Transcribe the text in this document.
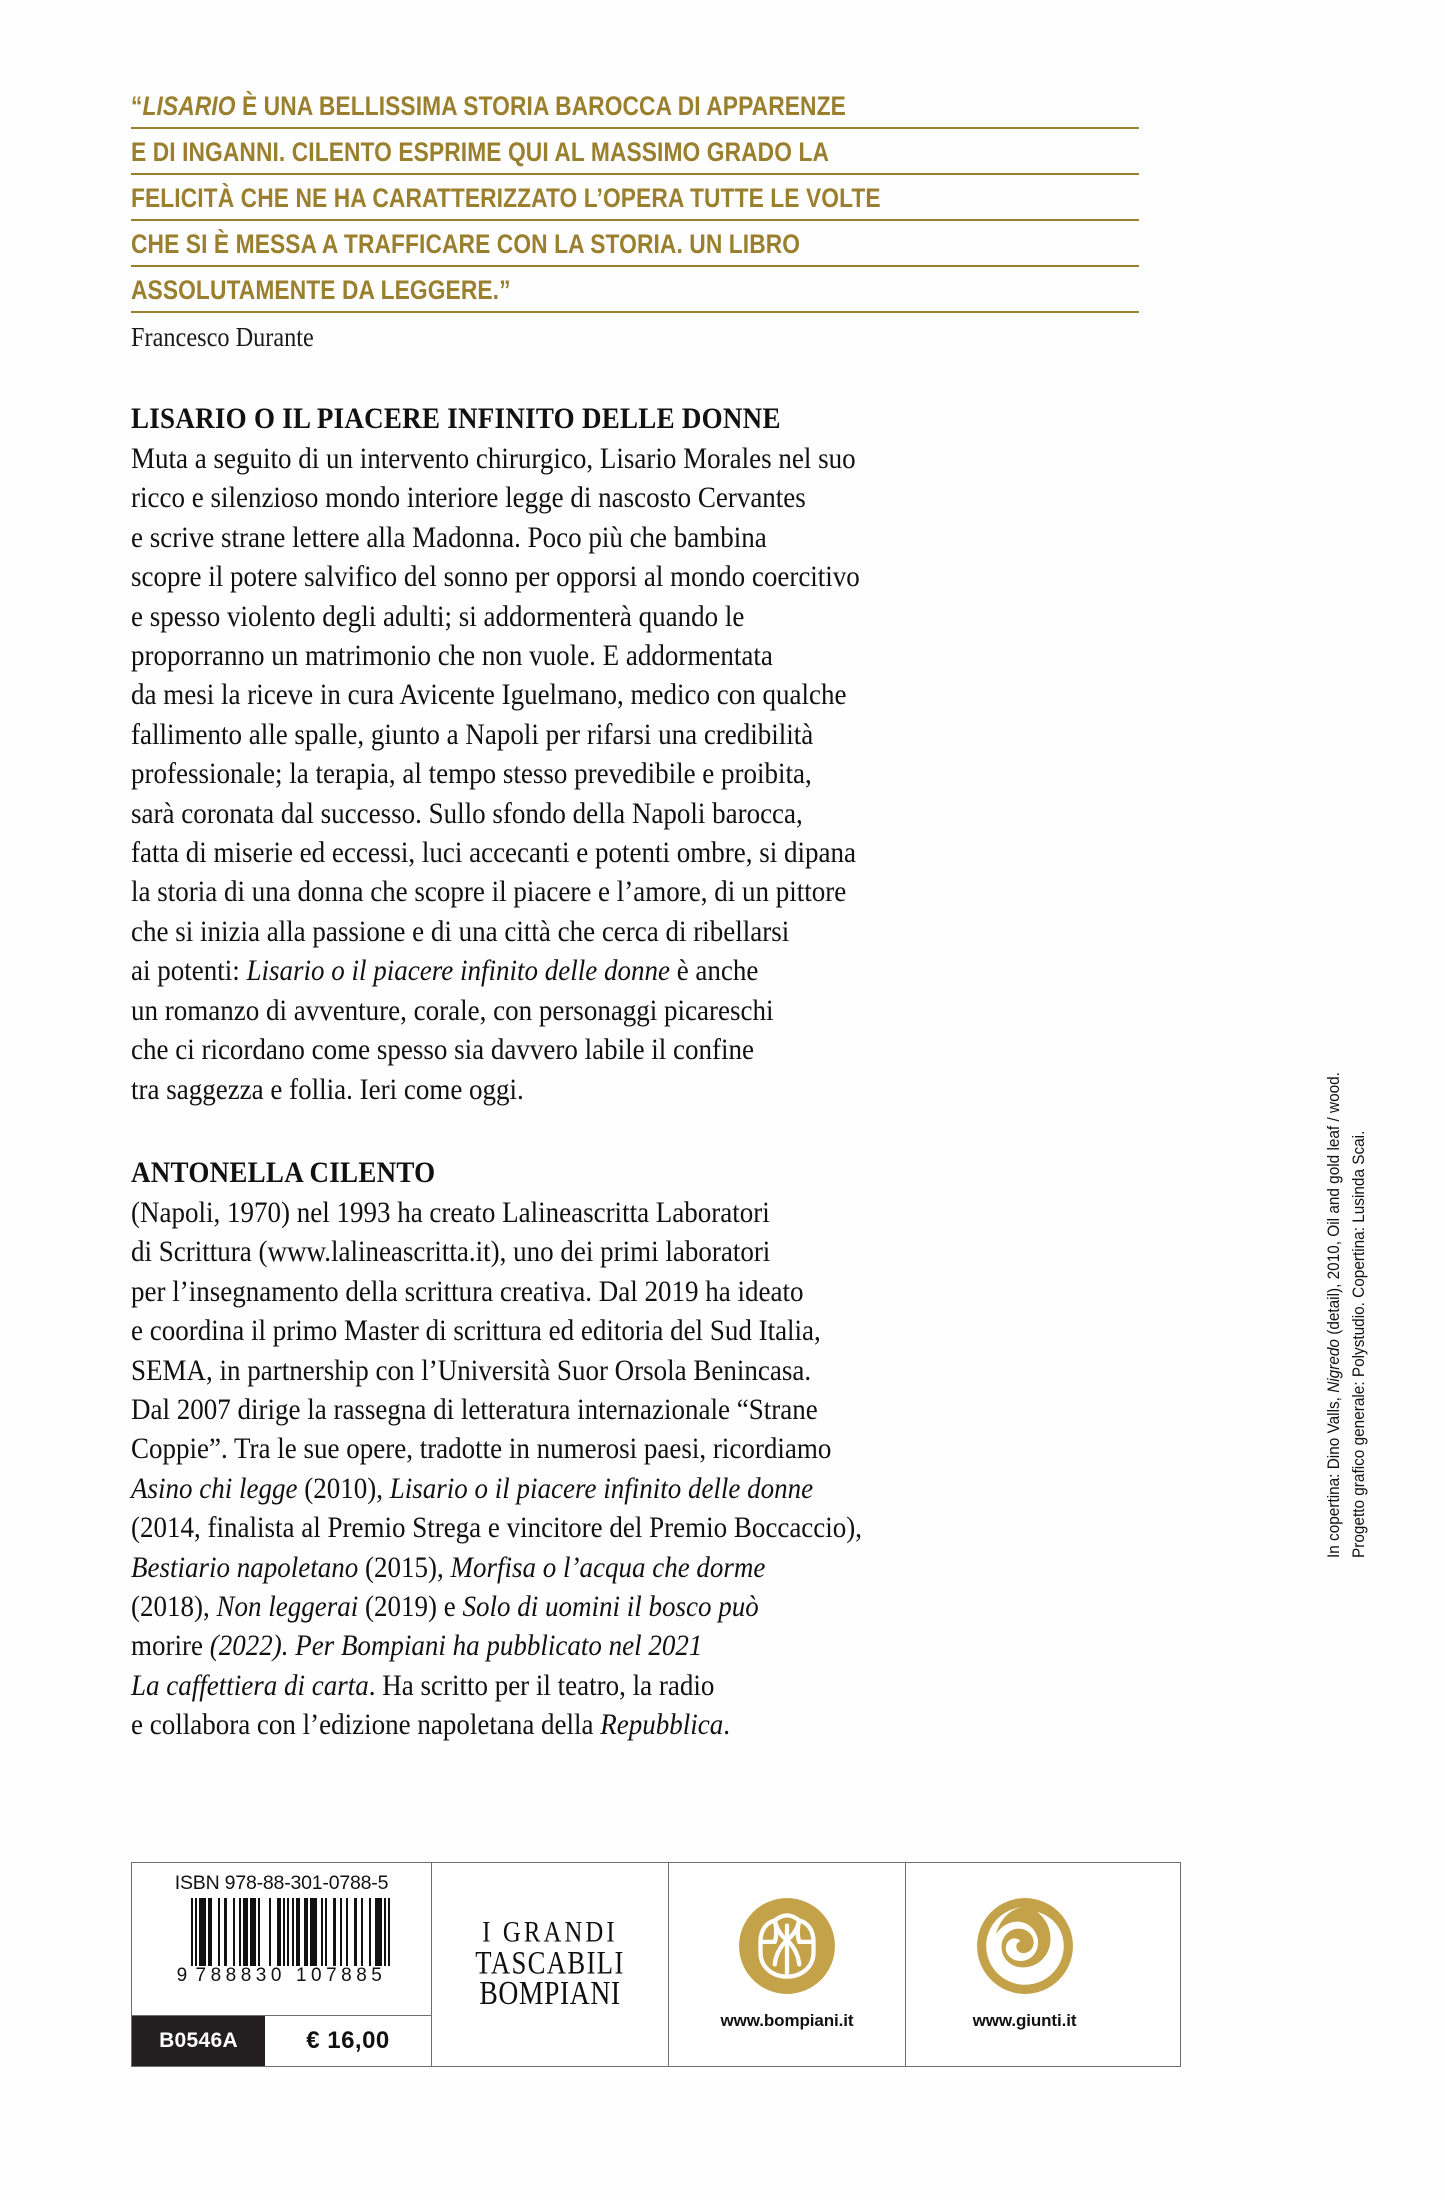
“LISARIO È UNA BELLISSIMA STORIA BAROCCA DI APPARENZE
E DI INGANNI. CILENTO ESPRIME QUI AL MASSIMO GRADO LA
FELICITÀ CHE NE HA CARATTERIZZATO L’OPERA TUTTE LE VOLTE
CHE SI È MESSA A TRAFFICARE CON LA STORIA. UN LIBRO
ASSOLUTAMENTE DA LEGGERE.”
Francesco Durante
LISARIO O IL PIACERE INFINITO DELLE DONNE

Muta a seguito di un intervento chirurgico, Lisario Morales nel suo
ricco e silenzioso mondo interiore legge di nascosto Cervantes
e scrive strane lettere alla Madonna. Poco più che bambina
scopre il potere salvifico del sonno per opporsi al mondo coercitivo
e spesso violento degli adulti; si addormenterà quando le
proporranno un matrimonio che non vuole. E addormentata
da mesi la riceve in cura Avicente Iguelmano, medico con qualche
fallimento alle spalle, giunto a Napoli per rifarsi una credibilità
professionale; la terapia, al tempo stesso prevedibile e proibita,
sarà coronata dal successo. Sullo sfondo della Napoli barocca,
fatta di miserie ed eccessi, luci accecanti e potenti ombre, si dipana
la storia di una donna che scopre il piacere e l’amore, di un pittore
che si inizia alla passione e di una città che cerca di ribellarsi
ai potenti: Lisario o il piacere infinito delle donne è anche
un romanzo di avventure, corale, con personaggi picareschi
che ci ricordano come spesso sia davvero labile il confine
tra saggezza e follia. Ieri come oggi.

ANTONELLA CILENTO

(Napoli, 1970) nel 1993 ha creato Lalineascritta Laboratori
di Scrittura (www.lalineascritta.it), uno dei primi laboratori
per l’insegnamento della scrittura creativa. Dal 2019 ha ideato
e coordina il primo Master di scrittura ed editoria del Sud Italia,
SEMA, in partnership con l’Università Suor Orsola Benincasa.
Dal 2007 dirige la rassegna di letteratura internazionale “Strane
Coppie”. Tra le sue opere, tradotte in numerosi paesi, ricordiamo
Asino chi legge (2010), Lisario o il piacere infinito delle donne
(2014, finalista al Premio Strega e vincitore del Premio Boccaccio),
Bestiario napoletano (2015), Morfisa o l’acqua che dorme
(2018), Non leggerai (2019) e Solo di uomini il bosco può
morire (2022). Per Bompiani ha pubblicato nel 2021
La caffettiera di carta. Ha scritto per il teatro, la radio
e collabora con l’edizione napoletana della Repubblica.

ISBN 978-88-301-0788-5
9 788830 107885
B0546A	€ 16,00
I GRANDI
TASCABILI
BOMPIANI
www.bompiani.it	www.giunti.it
In copertina: Dino Valls, Nigredo (detail), 2010, Oil and gold leaf / wood. Progetto grafico generale: Polystudio. Copertina: Lusinda Scai.
